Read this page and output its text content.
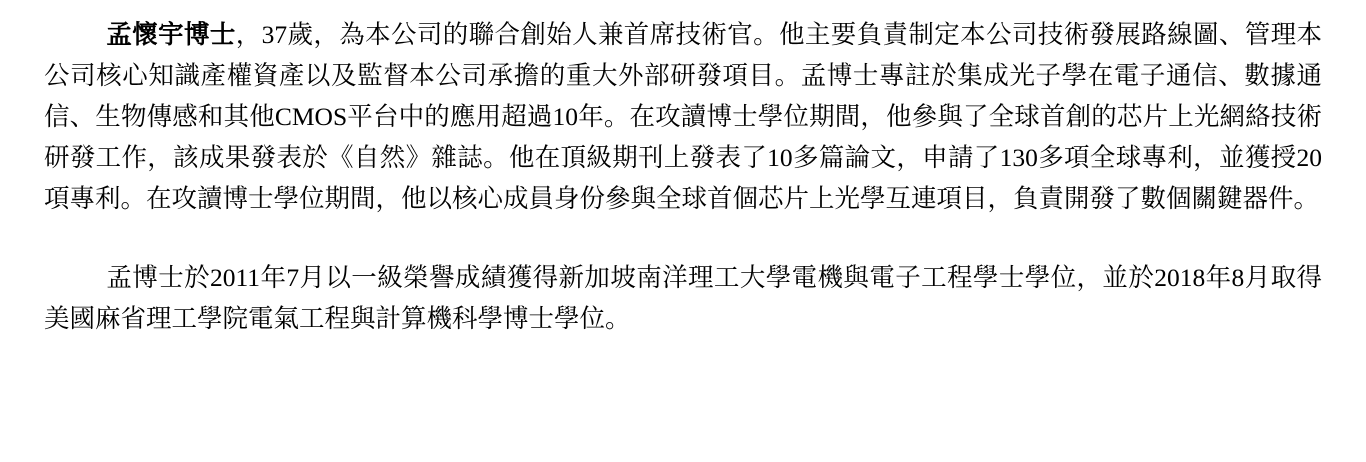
孟懷宇博士，37歲，為本公司的聯合創始人兼首席技術官。他主要負責制定本公司技術發展路線圖、管理本公司核心知識產權資產以及監督本公司承擔的重大外部研發項目。孟博士專註於集成光子學在電子通信、數據通信、生物傳感和其他CMOS平台中的應用超過10年。在攻讀博士學位期間，他參與了全球首創的芯片上光網絡技術研發工作，該成果發表於《自然》雜誌。他在頂級期刊上發表了10多篇論文，申請了130多項全球專利，並獲授20項專利。在攻讀博士學位期間，他以核心成員身份參與全球首個芯片上光學互連項目，負責開發了數個關鍵器件。

孟博士於2011年7月以一級榮譽成績獲得新加坡南洋理工大學電機與電子工程學士學位，並於2018年8月取得美國麻省理工學院電氣工程與計算機科學博士學位。
